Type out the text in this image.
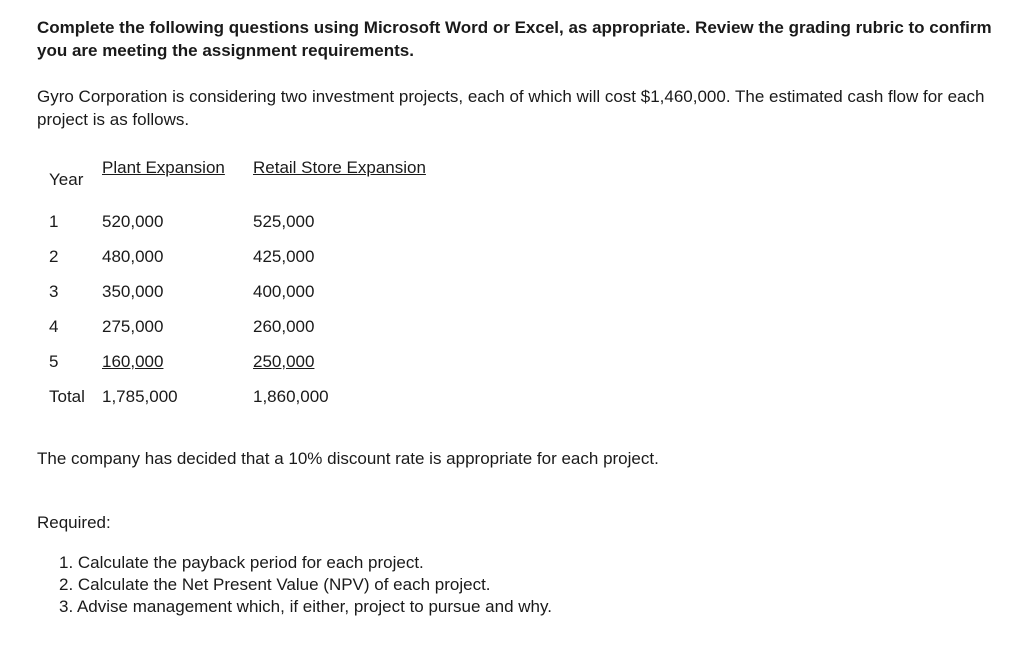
Complete the following questions using Microsoft Word or Excel, as appropriate. Review the grading rubric to confirm you are meeting the assignment requirements.
Gyro Corporation is considering two investment projects, each of which will cost $1,460,000. The estimated cash flow for each project is as follows.
Year	Plant Expansion	Retail Store Expansion
1	520,000	525,000
2	480,000	425,000
3	350,000	400,000
4	275,000	260,000
5	160,000	250,000
Total	1,785,000	1,860,000
The company has decided that a 10% discount rate is appropriate for each project.
Required:
1. Calculate the payback period for each project.
2. Calculate the Net Present Value (NPV) of each project.
3. Advise management which, if either, project to pursue and why.
